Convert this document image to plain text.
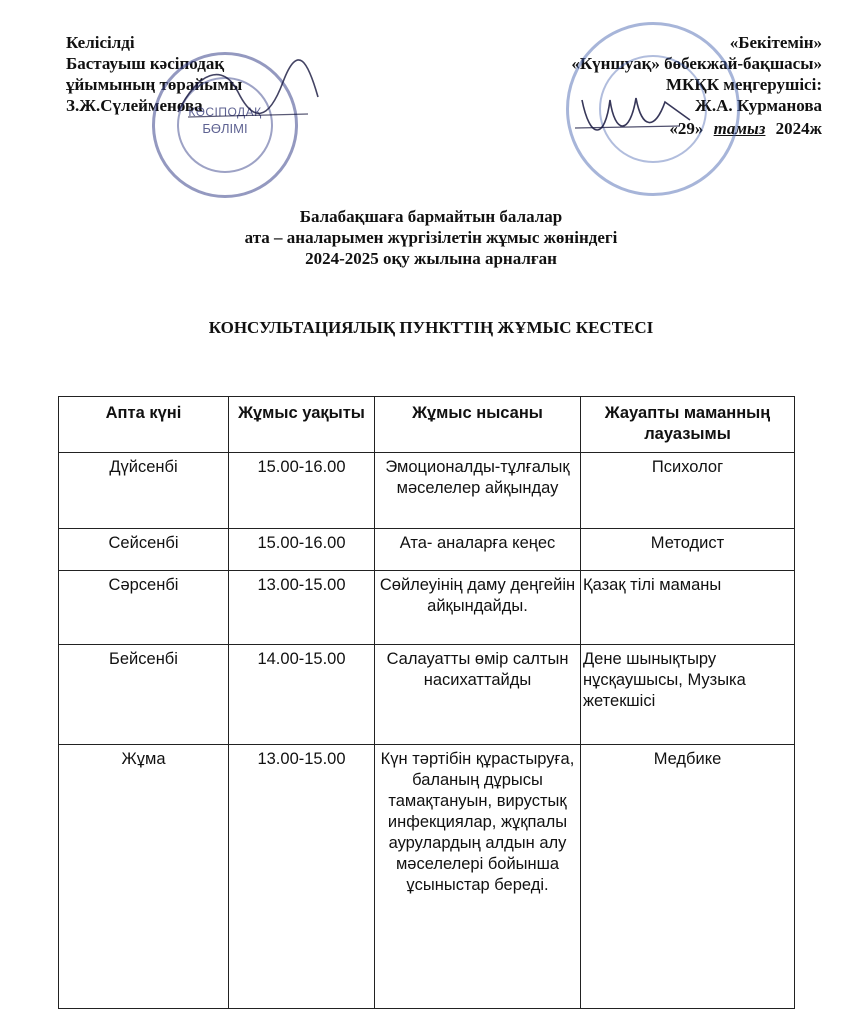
Келісілді
Бастауыш кәсіподақ
ұйымының төрайымы
З.Ж.Сүлейменова
КӘСІПОДАҚ
БӨЛІМІ
«Бекітемін»
«Күншуақ» бөбекжай-бақшасы»
МКҚК меңгерушісі:
Ж.А. Курманова
«29» тамыз 2024ж
Балабақшаға бармайтын балалар
ата – аналарымен жүргізілетін жұмыс жөніндегі
2024-2025 оқу жылына арналған
КОНСУЛЬТАЦИЯЛЫҚ ПУНКТТІҢ ЖҰМЫС КЕСТЕСІ
Апта күні	Жұмыс уақыты	Жұмыс нысаны	Жауапты маманның лауазымы
Дүйсенбі	15.00-16.00	Эмоционалды-тұлғалық мәселелер айқындау	Психолог
Сейсенбі	15.00-16.00	Ата- аналарға кеңес	Методист
Сәрсенбі	13.00-15.00	Сөйлеуінің даму деңгейін айқындайды.	Қазақ тілі маманы
Бейсенбі	14.00-15.00	Салауатты өмір салтын насихаттайды	Дене шынықтыру нұсқаушысы, Музыка жетекшісі
Жұма	13.00-15.00	Күн тәртібін құрастыруға, баланың дұрысы тамақтануын, вирустық инфекциялар, жұқпалы аурулардың алдын алу мәселелері бойынша ұсыныстар береді.	Медбике
